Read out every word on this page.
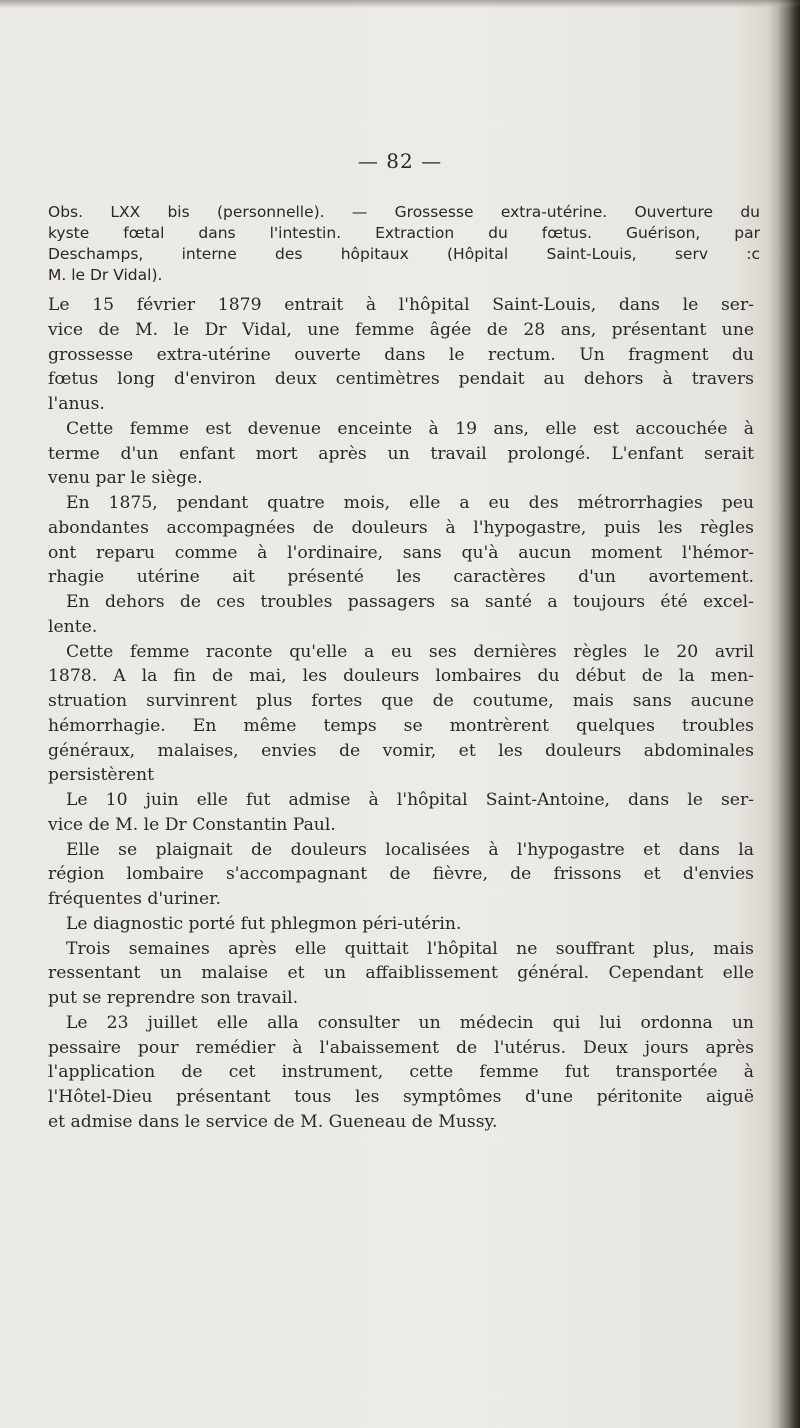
— 82 —
Obs. LXX bis (personnelle). — Grossesse extra-utérine. Ouverture du
kyste fœtal dans l'intestin. Extraction du fœtus. Guérison, par
Deschamps, interne des hôpitaux (Hôpital Saint-Louis, serv :c
M. le Dr Vidal).
Le 15 février 1879 entrait à l'hôpital Saint-Louis, dans le ser-
vice de M. le Dr Vidal, une femme âgée de 28 ans, présentant une
grossesse extra-utérine ouverte dans le rectum. Un fragment du
fœtus long d'environ deux centimètres pendait au dehors à travers
l'anus.
Cette femme est devenue enceinte à 19 ans, elle est accouchée à
terme d'un enfant mort après un travail prolongé. L'enfant serait
venu par le siège.
En 1875, pendant quatre mois, elle a eu des métrorrhagies peu
abondantes accompagnées de douleurs à l'hypogastre, puis les règles
ont reparu comme à l'ordinaire, sans qu'à aucun moment l'hémor-
rhagie utérine ait présenté les caractères d'un avortement.
En dehors de ces troubles passagers sa santé a toujours été excel-
lente.
Cette femme raconte qu'elle a eu ses dernières règles le 20 avril
1878. A la fin de mai, les douleurs lombaires du début de la men-
struation survinrent plus fortes que de coutume, mais sans aucune
hémorrhagie. En même temps se montrèrent quelques troubles
généraux, malaises, envies de vomir, et les douleurs abdominales
persistèrent
Le 10 juin elle fut admise à l'hôpital Saint-Antoine, dans le ser-
vice de M. le Dr Constantin Paul.
Elle se plaignait de douleurs localisées à l'hypogastre et dans la
région lombaire s'accompagnant de fièvre, de frissons et d'envies
fréquentes d'uriner.
Le diagnostic porté fut phlegmon péri-utérin.
Trois semaines après elle quittait l'hôpital ne souffrant plus, mais
ressentant un malaise et un affaiblissement général. Cependant elle
put se reprendre son travail.
Le 23 juillet elle alla consulter un médecin qui lui ordonna un
pessaire pour remédier à l'abaissement de l'utérus. Deux jours après
l'application de cet instrument, cette femme fut transportée à
l'Hôtel-Dieu présentant tous les symptômes d'une péritonite aiguë
et admise dans le service de M. Gueneau de Mussy.
